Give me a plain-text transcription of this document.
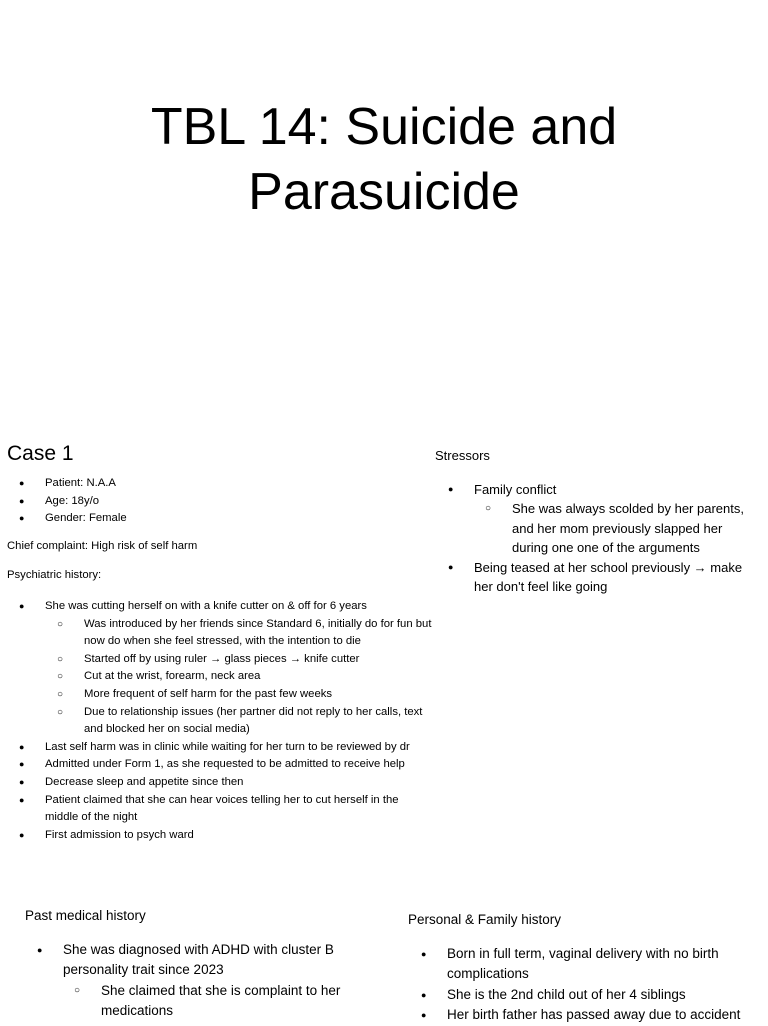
TBL 14: Suicide and
Parasuicide
Case 1
● Patient: N.A.A
● Age: 18y/o
● Gender: Female
Chief complaint: High risk of self harm
Psychiatric history:
● She was cutting herself on with a knife cutter on & off for 6 years
○ Was introduced by her friends since Standard 6, initially do for fun but now do when she feel stressed, with the intention to die
○ Started off by using ruler → glass pieces → knife cutter
○ Cut at the wrist, forearm, neck area
○ More frequent of self harm for the past few weeks
○ Due to relationship issues (her partner did not reply to her calls, text and blocked her on social media)
● Last self harm was in clinic while waiting for her turn to be reviewed by dr
● Admitted under Form 1, as she requested to be admitted to receive help
● Decrease sleep and appetite since then
● Patient claimed that she can hear voices telling her to cut herself in the middle of the night
● First admission to psych ward
Stressors
● Family conflict
○ She was always scolded by her parents, and her mom previously slapped her during one one of the arguments
● Being teased at her school previously → make her don't feel like going
Past medical history
● She was diagnosed with ADHD with cluster B personality trait since 2023
○ She claimed that she is complaint to her medications
Personal & Family history
● Born in full term, vaginal delivery with no birth complications
● She is the 2nd child out of her 4 siblings
● Her birth father has passed away due to accident
